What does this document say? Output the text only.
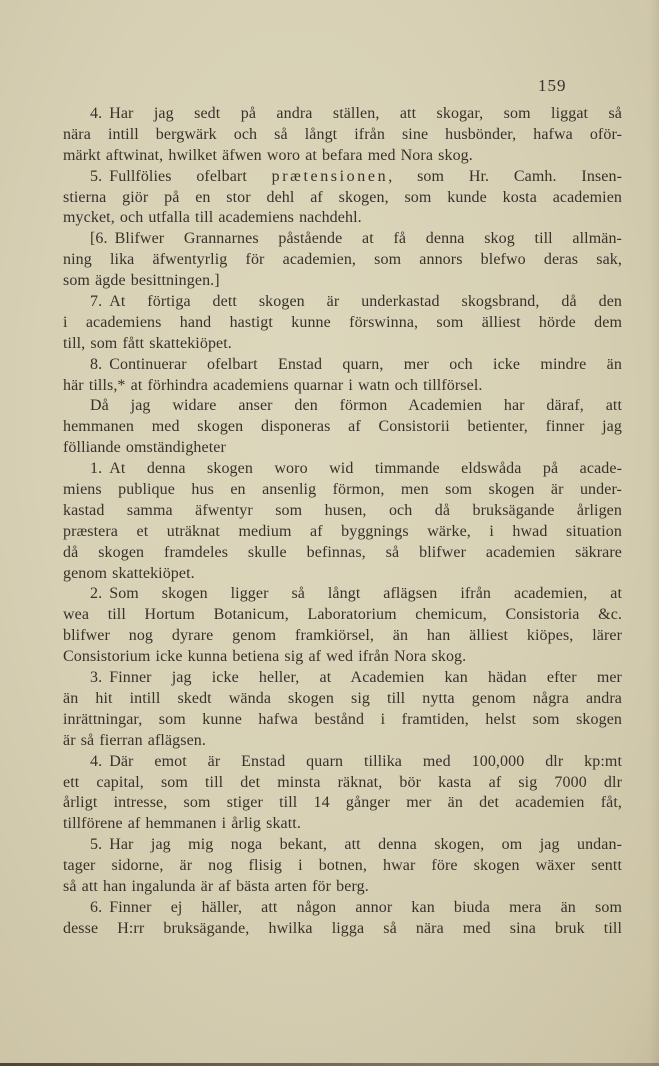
159
4. Har jag sedt på andra ställen, att skogar, som liggat så
nära intill bergwärk och så långt ifrån sine husbönder, hafwa oför-
märkt aftwinat, hwilket äfwen woro at befara med Nora skog.
5. Fullfölies ofelbart prætensionen, som Hr. Camh. Insen-
stierna giör på en stor dehl af skogen, som kunde kosta academien
mycket, och utfalla till academiens nachdehl.
[6. Blifwer Grannarnes påstående at få denna skog till allmän-
ning lika äfwentyrlig för academien, som annors blefwo deras sak,
som ägde besittningen.]
7. At förtiga dett skogen är underkastad skogsbrand, då den
i academiens hand hastigt kunne förswinna, som älliest hörde dem
till, som fått skattekiöpet.
8. Continuerar ofelbart Enstad quarn, mer och icke mindre än
här tills,* at förhindra academiens quarnar i watn och tillförsel.
Då jag widare anser den förmon Academien har däraf, att
hemmanen med skogen disponeras af Consistorii betienter, finner jag
fölliande omständigheter
1. At denna skogen woro wid timmande eldswåda på acade-
miens publique hus en ansenlig förmon, men som skogen är under-
kastad samma äfwentyr som husen, och då bruksägande årligen
præstera et uträknat medium af byggnings wärke, i hwad situation
då skogen framdeles skulle befinnas, så blifwer academien säkrare
genom skattekiöpet.
2. Som skogen ligger så långt aflägsen ifrån academien, at
wea till Hortum Botanicum, Laboratorium chemicum, Consistoria &c.
blifwer nog dyrare genom framkiörsel, än han älliest kiöpes, lärer
Consistorium icke kunna betiena sig af wed ifrån Nora skog.
3. Finner jag icke heller, at Academien kan hädan efter mer
än hit intill skedt wända skogen sig till nytta genom några andra
inrättningar, som kunne hafwa bestånd i framtiden, helst som skogen
är så fierran aflägsen.
4. Där emot är Enstad quarn tillika med 100,000 dlr kp:mt
ett capital, som till det minsta räknat, bör kasta af sig 7000 dlr
årligt intresse, som stiger till 14 gånger mer än det academien fåt,
tillförene af hemmanen i årlig skatt.
5. Har jag mig noga bekant, att denna skogen, om jag undan-
tager sidorne, är nog flisig i botnen, hwar före skogen wäxer sentt
så att han ingalunda är af bästa arten för berg.
6. Finner ej häller, att någon annor kan biuda mera än som
desse H:rr bruksägande, hwilka ligga så nära med sina bruk till
